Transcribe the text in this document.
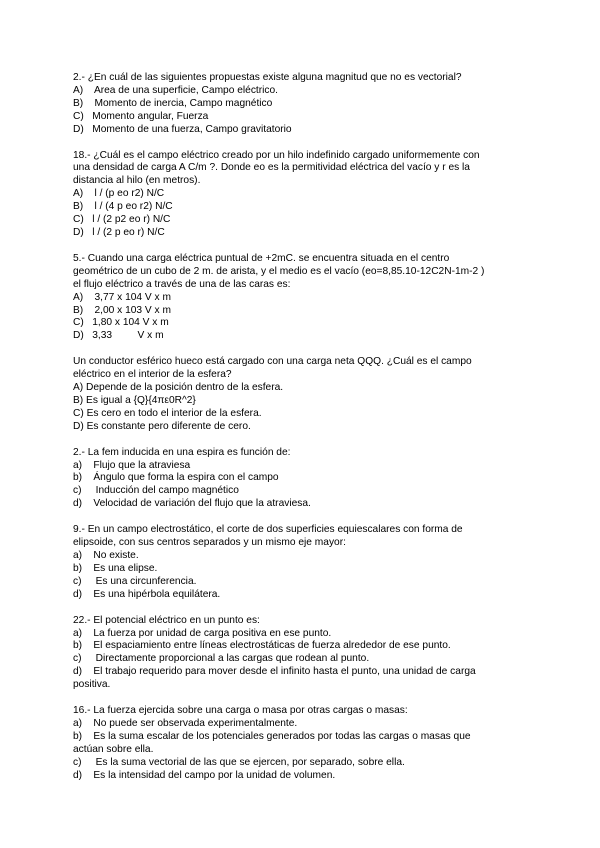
2.- ¿En cuál de las siguientes propuestas existe alguna magnitud que no es vectorial?
A)    Area de una superficie, Campo eléctrico.
B)    Momento de inercia, Campo magnético
C)   Momento angular, Fuerza
D)   Momento de una fuerza, Campo gravitatorio
18.- ¿Cuál es el campo eléctrico creado por un hilo indefinido cargado uniformemente con
una densidad de carga A C/m ?. Donde eo es la permitividad eléctrica del vacío y r es la
distancia al hilo (en metros).
A)    l / (p eo r2) N/C
B)    l / (4 p eo r2) N/C
C)   l / (2 p2 eo r) N/C
D)   l / (2 p eo r) N/C
5.- Cuando una carga eléctrica puntual de +2mC. se encuentra situada en el centro
geométrico de un cubo de 2 m. de arista, y el medio es el vacío (eo=8,85.10-12C2N-1m-2 )
el flujo eléctrico a través de una de las caras es:
A)    3,77 x 104 V x m
B)    2,00 x 103 V x m
C)   1,80 x 104 V x m
D)   3,33         V x m
Un conductor esférico hueco está cargado con una carga neta QQQ. ¿Cuál es el campo
eléctrico en el interior de la esfera?
A) Depende de la posición dentro de la esfera.
B) Es igual a {Q}{4πε0R^2}
C) Es cero en todo el interior de la esfera.
D) Es constante pero diferente de cero.
2.- La fem inducida en una espira es función de:
a)    Flujo que la atraviesa
b)    Ángulo que forma la espira con el campo
c)     Inducción del campo magnético
d)    Velocidad de variación del flujo que la atraviesa.
9.- En un campo electrostático, el corte de dos superficies equiescalares con forma de
elipsoide, con sus centros separados y un mismo eje mayor:
a)    No existe.
b)    Es una elipse.
c)     Es una circunferencia.
d)    Es una hipérbola equilátera.
22.- El potencial eléctrico en un punto es:
a)    La fuerza por unidad de carga positiva en ese punto.
b)    El espaciamiento entre líneas electrostáticas de fuerza alrededor de ese punto.
c)     Directamente proporcional a las cargas que rodean al punto.
d)    El trabajo requerido para mover desde el infinito hasta el punto, una unidad de carga
positiva.
16.- La fuerza ejercida sobre una carga o masa por otras cargas o masas:
a)    No puede ser observada experimentalmente.
b)    Es la suma escalar de los potenciales generados por todas las cargas o masas que
actúan sobre ella.
c)     Es la suma vectorial de las que se ejercen, por separado, sobre ella.
d)    Es la intensidad del campo por la unidad de volumen.
